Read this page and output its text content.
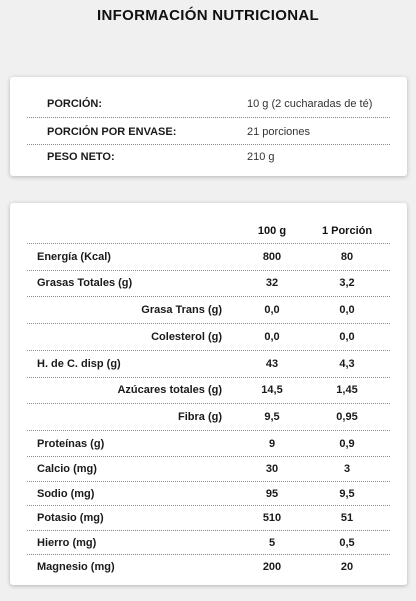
INFORMACIÓN NUTRICIONAL
PORCIÓN:	10 g (2 cucharadas de té)
PORCIÓN POR ENVASE:	21 porciones
PESO NETO:	210 g
100 g	1 Porción
Energía (Kcal)	800	80
Grasas Totales (g)	32	3,2
Grasa Trans (g)	0,0	0,0
Colesterol (g)	0,0	0,0
H. de C. disp (g)	43	4,3
Azúcares totales (g)	14,5	1,45
Fibra (g)	9,5	0,95
Proteínas (g)	9	0,9
Calcio (mg)	30	3
Sodio (mg)	95	9,5
Potasio (mg)	510	51
Hierro (mg)	5	0,5
Magnesio (mg)	200	20
